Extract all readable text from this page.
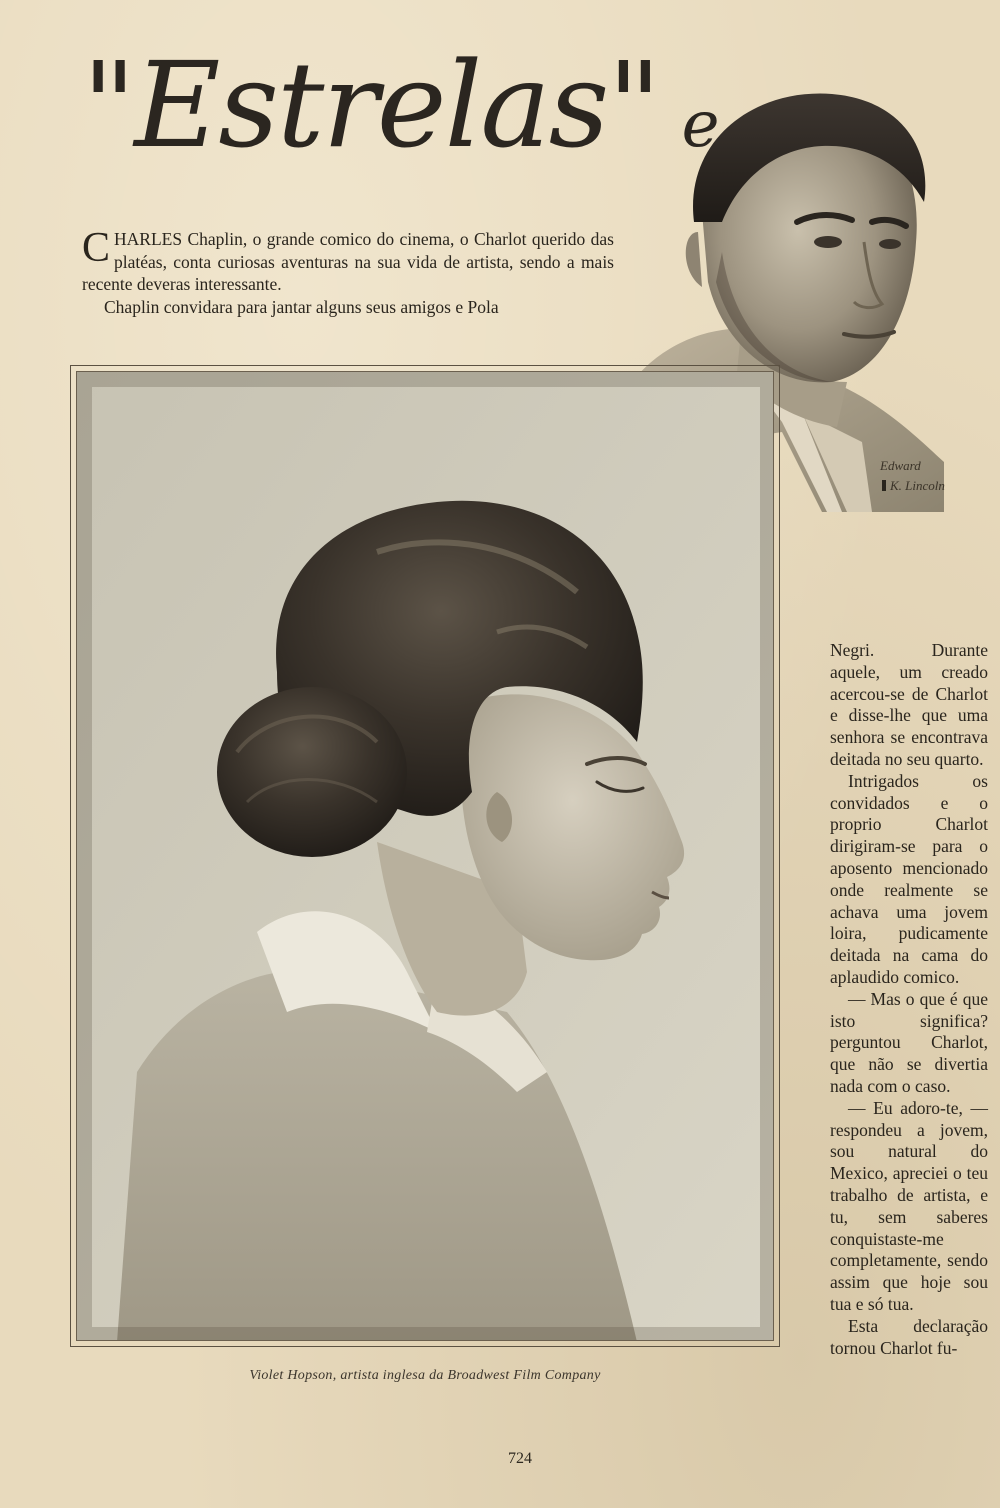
"Estrelas" e

CHARLES Chaplin, o grande comico do cinema, o Charlot querido das platéas, conta curiosas aventuras na sua vida de artista, sendo a mais recente deveras interessante.

Chaplin convidara para jantar alguns seus amigos e Pola

Edward
K. Lincoln
Violet Hopson, artista inglesa da Broadwest Film Company

Negri. Durante aquele, um creado acercou-se de Charlot e disse-lhe que uma senhora se encontrava deitada no seu quarto.

Intrigados os convidados e o proprio Charlot dirigiram-se para o aposento mencionado onde realmente se achava uma jovem loira, pudicamente deitada na cama do aplaudido comico.

— Mas o que é que isto significa? perguntou Charlot, que não se divertia nada com o caso.

— Eu adoro-te, — respondeu a jovem, sou natural do Mexico, apreciei o teu trabalho de artista, e tu, sem saberes conquistaste-me completamente, sendo assim que hoje sou tua e só tua.

Esta declaração tornou Charlot fu-

724
